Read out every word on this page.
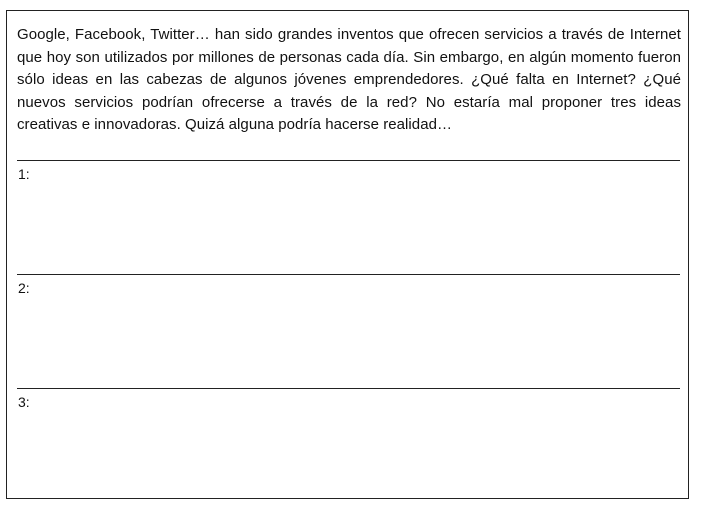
Google, Facebook, Twitter… han sido grandes inventos que ofrecen servicios a través de Internet que hoy son utilizados por millones de personas cada día. Sin embargo, en algún momento fueron sólo ideas en las cabezas de algunos jóvenes emprendedores. ¿Qué falta en Internet? ¿Qué nuevos servicios podrían ofrecerse a través de la red? No estaría mal proponer tres ideas creativas e innovadoras. Quizá alguna podría hacerse realidad…

1:
2:
3:
